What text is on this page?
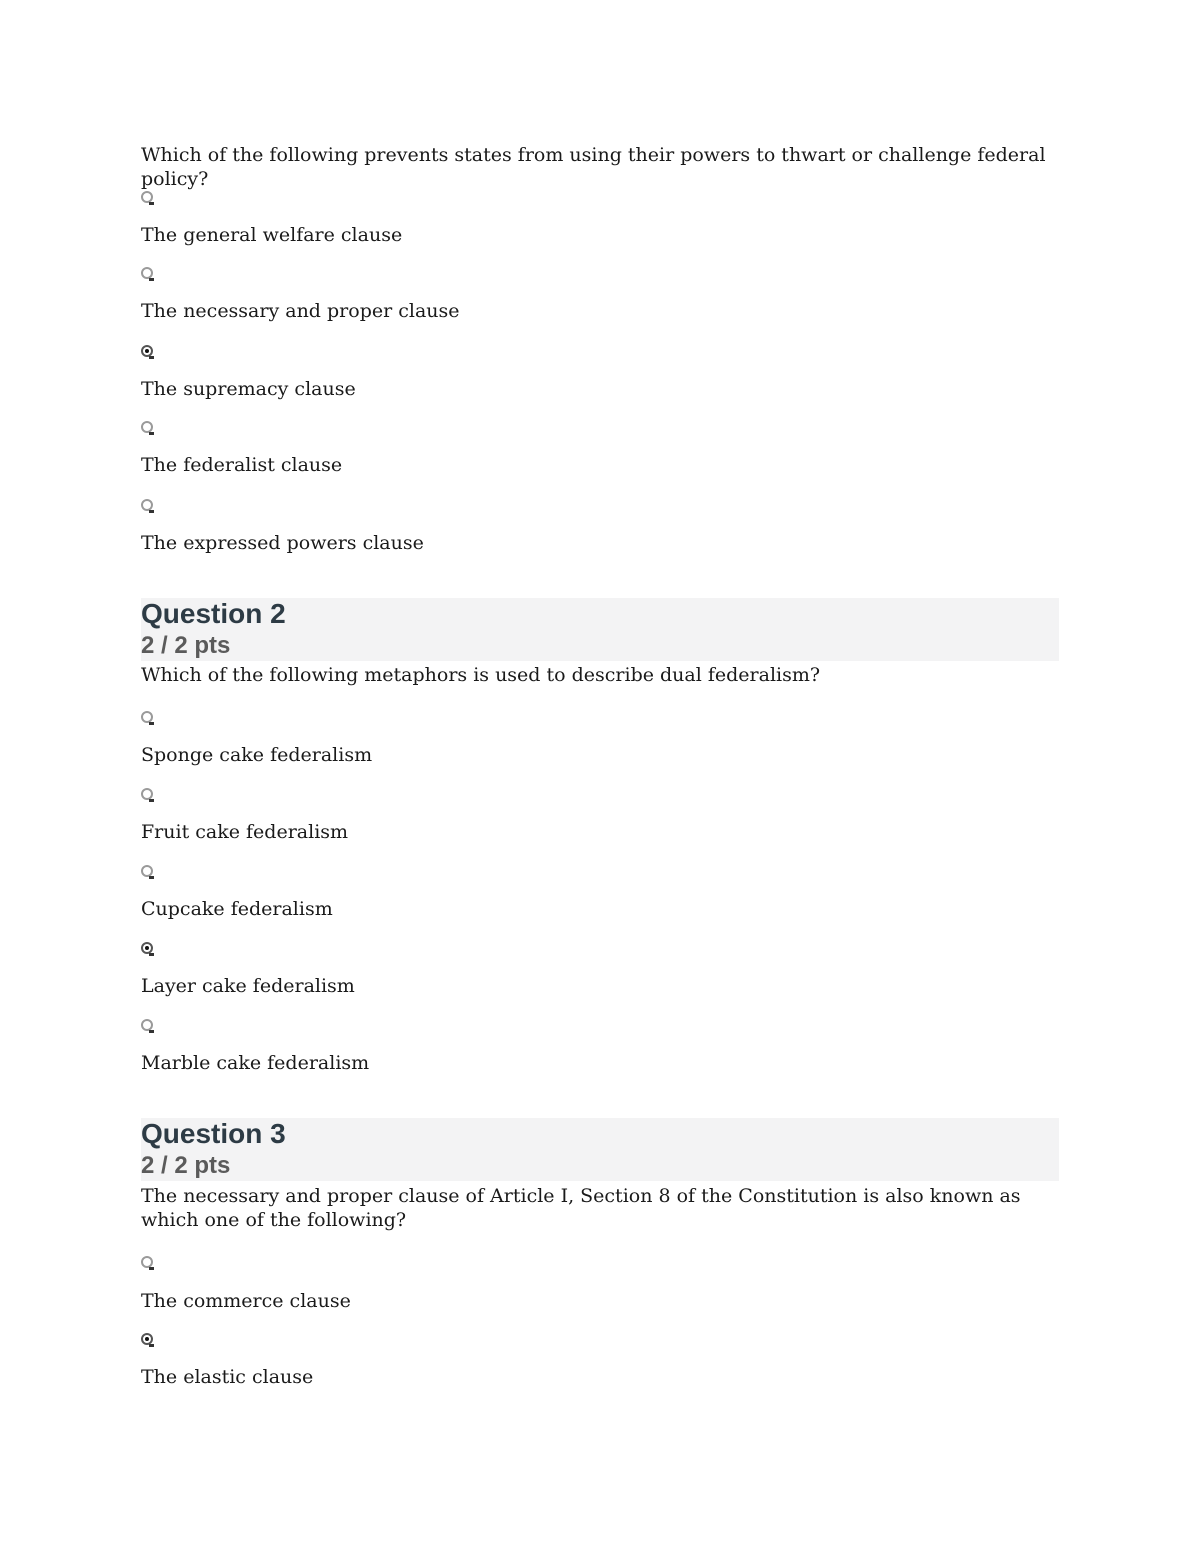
Which of the following prevents states from using their powers to thwart or challenge federal policy?

The general welfare clause
The necessary and proper clause
The supremacy clause
The federalist clause
The expressed powers clause
Question 2
2 / 2 pts

Which of the following metaphors is used to describe dual federalism?

Sponge cake federalism
Fruit cake federalism
Cupcake federalism
Layer cake federalism
Marble cake federalism
Question 3
2 / 2 pts

The necessary and proper clause of Article I, Section 8 of the Constitution is also known as which one of the following?

The commerce clause
The elastic clause
